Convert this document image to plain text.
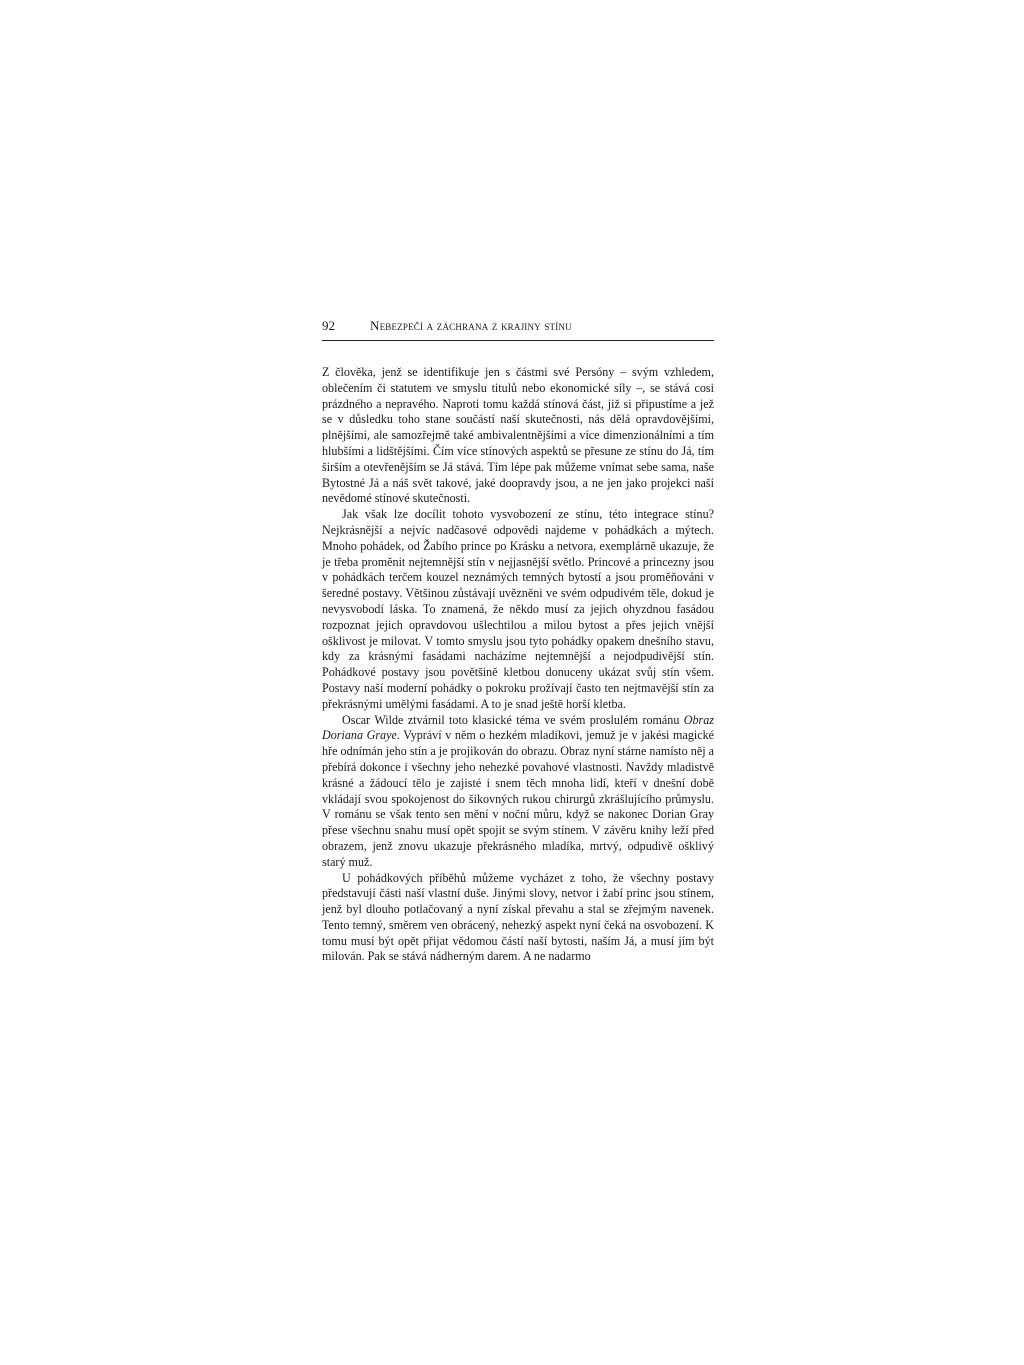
92	Nebezpečí a záchrana z krajiny stínu

Z člověka, jenž se identifikuje jen s částmi své Persóny – svým vzhledem, oblečením či statutem ve smyslu titulů nebo ekonomické síly –, se stává cosi prázdného a nepravého. Naproti tomu každá stínová část, již si připustíme a jež se v důsledku toho stane součástí naší skutečnosti, nás dělá opravdovějšími, plnějšími, ale samozřejmě také ambivalentnějšími a více dimenzionálními a tím hlubšími a lidštějšími. Čím více stínových aspektů se přesune ze stínu do Já, tím širším a otevřenějším se Já stává. Tím lépe pak můžeme vnímat sebe sama, naše Bytostné Já a náš svět takové, jaké doopravdy jsou, a ne jen jako projekci naší nevědomé stínové skutečnosti.

Jak však lze docílit tohoto vysvobození ze stínu, této integrace stínu? Nejkrásnější a nejvíc nadčasové odpovědi najdeme v pohádkách a mýtech. Mnoho pohádek, od Žabího prince po Krásku a netvora, exemplárně ukazuje, že je třeba proměnit nejtemnější stín v nejjasnější světlo. Princové a princezny jsou v pohádkách terčem kouzel neznámých temných bytostí a jsou proměňováni v šeredné postavy. Většinou zůstávají uvězněni ve svém odpudivém těle, dokud je nevysvobodí láska. To znamená, že někdo musí za jejich ohyzdnou fasádou rozpoznat jejich opravdovou ušlechtilou a milou bytost a přes jejich vnější ošklivost je milovat. V tomto smyslu jsou tyto pohádky opakem dnešního stavu, kdy za krásnými fasádami nacházíme nejtemnější a nejodpudivější stín. Pohádkové postavy jsou povětšině kletbou donuceny ukázat svůj stín všem. Postavy naší moderní pohádky o pokroku prožívají často ten nejtmavější stín za překrásnými umělými fasádami. A to je snad ještě horší kletba.

Oscar Wilde ztvárnil toto klasické téma ve svém proslulém románu Obraz Doriana Graye. Vypráví v něm o hezkém mladíkovi, jemuž je v jakési magické hře odnímán jeho stín a je projikován do obrazu. Obraz nyní stárne namísto něj a přebírá dokonce i všechny jeho nehezké povahové vlastnosti. Navždy mladistvě krásné a žádoucí tělo je zajisté i snem těch mnoha lidí, kteří v dnešní době vkládají svou spokojenost do šikovných rukou chirurgů zkrášlujícího průmyslu. V románu se však tento sen mění v noční můru, když se nakonec Dorian Gray přese všechnu snahu musí opět spojit se svým stínem. V závěru knihy leží před obrazem, jenž znovu ukazuje překrásného mladíka, mrtvý, odpudivě ošklivý starý muž.

U pohádkových příběhů můžeme vycházet z toho, že všechny postavy představují části naší vlastní duše. Jinými slovy, netvor i žabí princ jsou stínem, jenž byl dlouho potlačovaný a nyní získal převahu a stal se zřejmým navenek. Tento temný, směrem ven obrácený, nehezký aspekt nyní čeká na osvobození. K tomu musí být opět přijat vědomou částí naší bytosti, naším Já, a musí jím být milován. Pak se stává nádherným darem. A ne nadarmo
